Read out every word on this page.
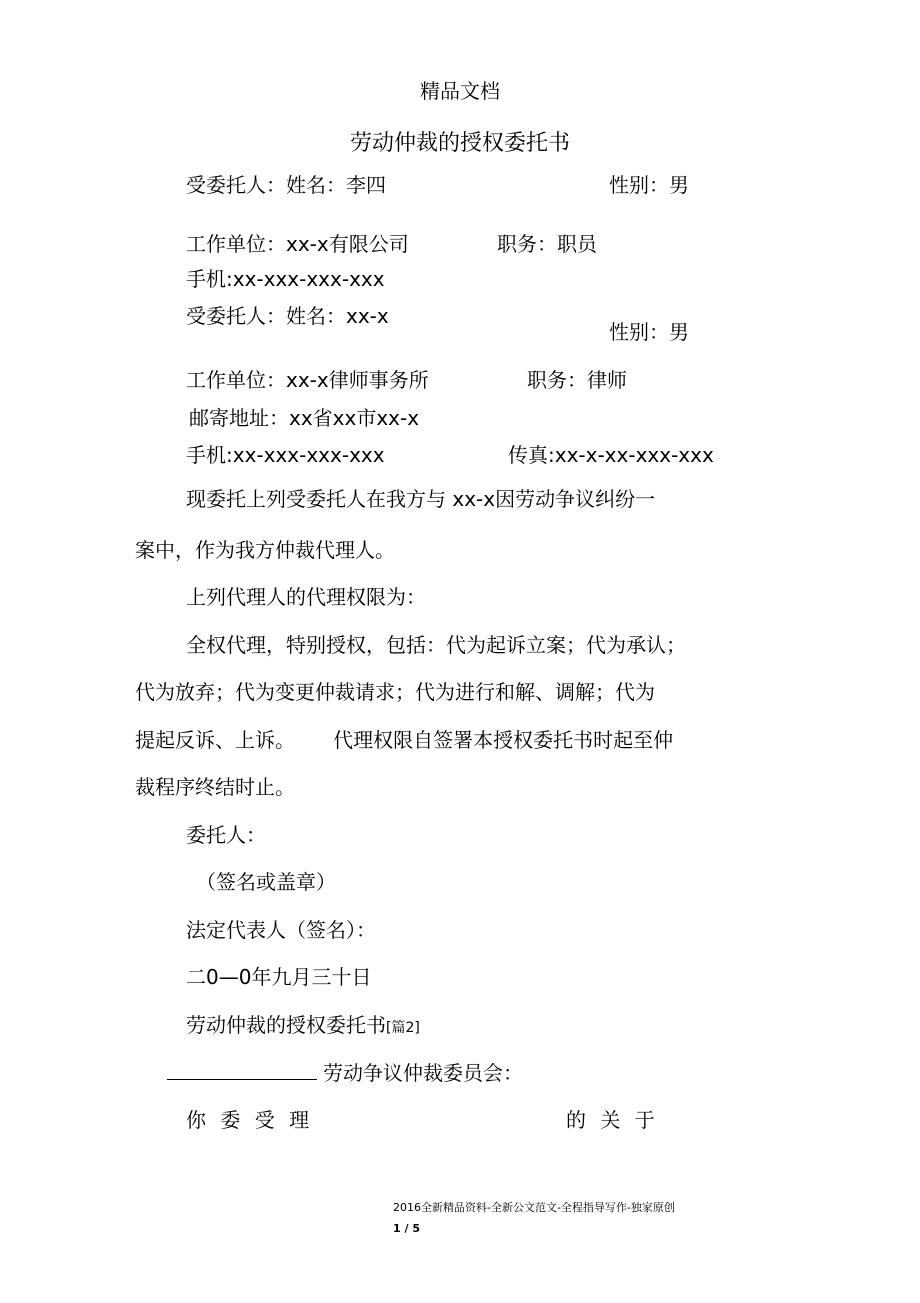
精品文档
劳动仲裁的授权委托书
受委托人：姓名：李四	性别：男
工作单位：xx-x有限公司	职务：职员
手机:xx-xxx-xxx-xxx
受委托人：姓名：xx-x
性别：男
工作单位：xx-x律师事务所	职务：律师
邮寄地址：xx省xx市xx-x
手机:xx-xxx-xxx-xxx	传真:xx-x-xx-xxx-xxx
现委托上列受委托人在我方与 xx-x因劳动争议纠纷一
案中，作为我方仲裁代理人。
上列代理人的代理权限为：
全权代理，特别授权，包括：代为起诉立案；代为承认；
代为放弃；代为变更仲裁请求；代为进行和解、调解；代为
提起反诉、上诉。      代理权限自签署本授权委托书时起至仲
裁程序终结时止。
委托人：
（签名或盖章）
法定代表人（签名）：
二0—0年九月三十日
劳动仲裁的授权委托书[篇2]
劳动争议仲裁委员会：
你 委 受 理	的 关 于
2016全新精品资料-全新公文范文-全程指导写作-独家原创
1 / 5
